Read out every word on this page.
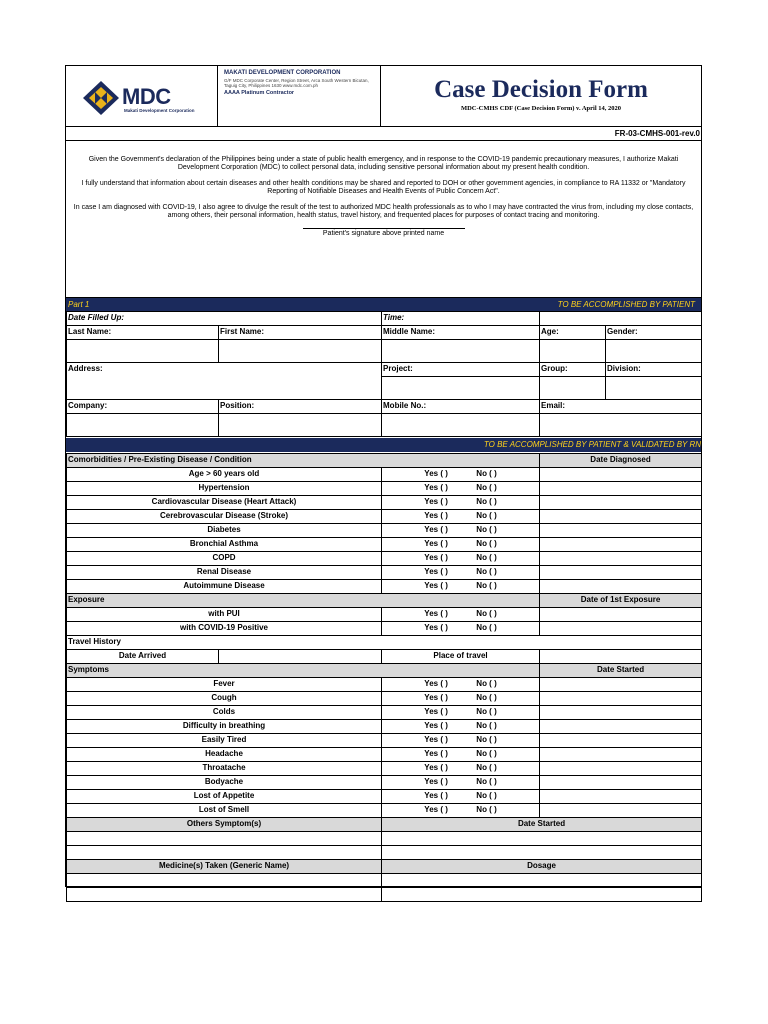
MDC
Makati Development Corporation
MAKATI DEVELOPMENT CORPORATION
G/F MDC Corporate Center, Region Street, Arca South Western Bicutan, Taguig City, Philippines 1630 www.mdc.com.ph
AAAA Platinum Contractor	Case Decision Form
MDC-CMHS CDF (Case Decision Form) v. April 14, 2020
FR-03-CMHS-001-rev.0

Given the Government's declaration of the Philippines being under a state of public health emergency, and in response to the COVID-19 pandemic precautionary measures, I authorize Makati Development Corporation (MDC) to collect personal data, including sensitive personal information about my present health condition.

I fully understand that information about certain diseases and other health conditions may be shared and reported to DOH or other government agencies, in compliance to RA 11332 or "Mandatory Reporting of Notifiable Diseases and Health Events of Public Concern Act".

In case I am diagnosed with COVID-19, I also agree to divulge the result of the test to authorized MDC health professionals as to who I may have contracted the virus from, including my close contacts, among others, their personal information, health status, travel history, and frequented places for purposes of contact tracing and monitoring.

Patient's signature above printed name
Part 1	TO BE ACCOMPLISHED BY PATIENT
Date Filled Up:		Time:		
Last Name:	First Name:	Middle Name:	Age:	Gender:

Address:		Project:	Group:	Division:

Company:	Position:	Mobile No.:	Email:	

TO BE ACCOMPLISHED BY PATIENT & VALIDATED BY RN
Comorbidities / Pre-Existing Disease / Condition			Date Diagnosed
Age > 60 years old		Yes ( ) No ( )	
Hypertension		Yes ( ) No ( )	
Cardiovascular Disease (Heart Attack)		Yes ( ) No ( )	
Cerebrovascular Disease (Stroke)		Yes ( ) No ( )	
Diabetes		Yes ( ) No ( )	
Bronchial Asthma		Yes ( ) No ( )	
COPD		Yes ( ) No ( )	
Renal Disease		Yes ( ) No ( )	
Autoimmune Disease		Yes ( ) No ( )	
Exposure			Date of 1st Exposure
with PUI		Yes ( ) No ( )	
with COVID-19 Positive		Yes ( ) No ( )	
Travel History			
Date Arrived		Place of travel	
Symptoms			Date Started
Fever		Yes ( ) No ( )	
Cough		Yes ( ) No ( )	
Colds		Yes ( ) No ( )	
Difficulty in breathing		Yes ( ) No ( )	
Easily Tired		Yes ( ) No ( )	
Headache		Yes ( ) No ( )	
Throatache		Yes ( ) No ( )	
Bodyache		Yes ( ) No ( )	
Lost of Appetite		Yes ( ) No ( )	
Lost of Smell		Yes ( ) No ( )	
Others Symptom(s)		Date Started	

Medicine(s) Taken (Generic Name)		Dosage	
